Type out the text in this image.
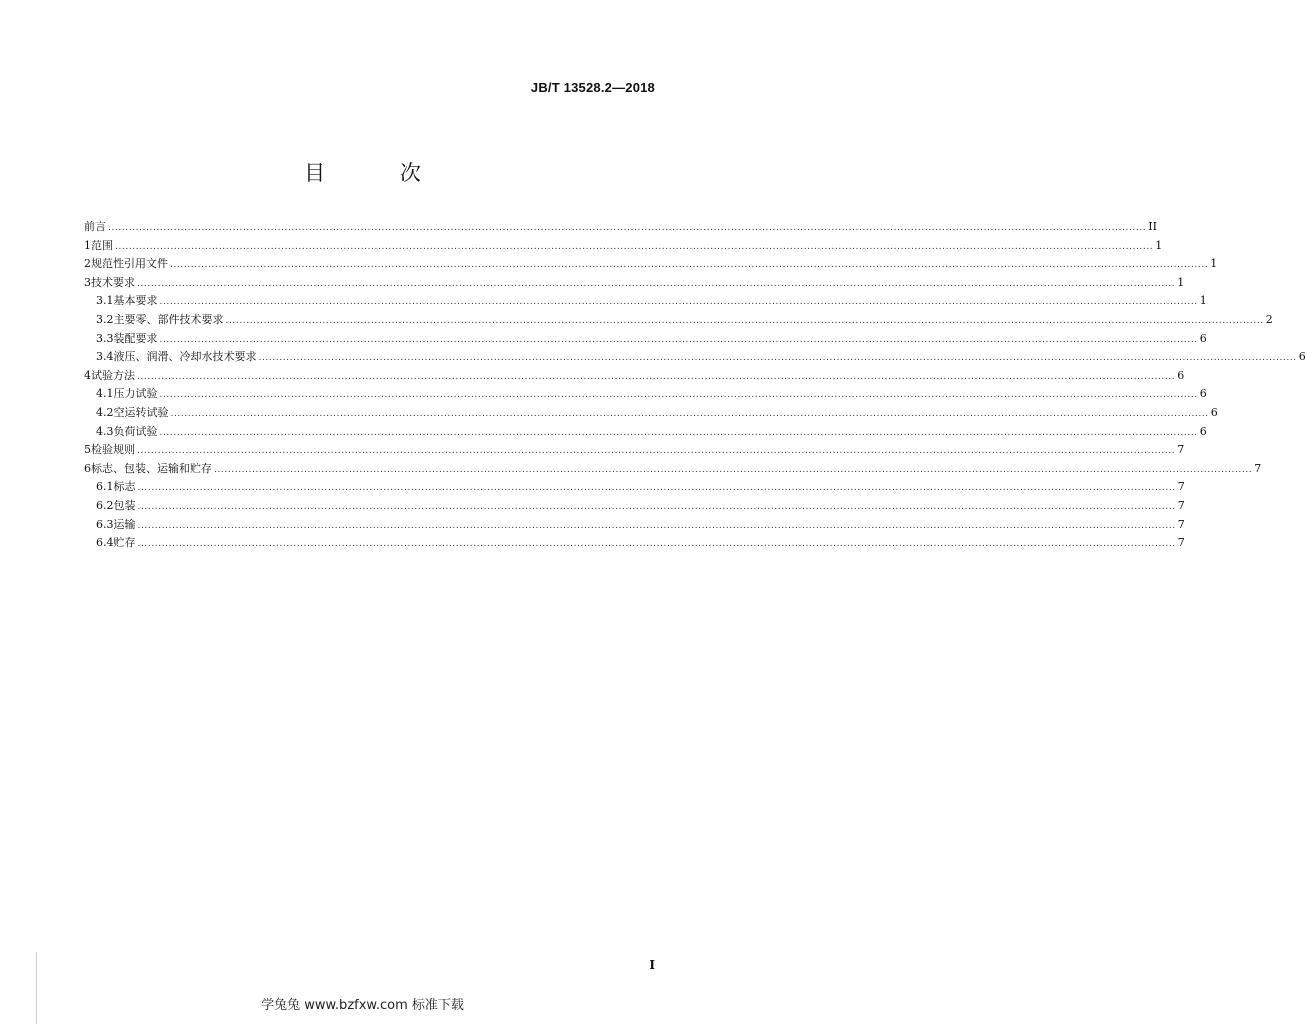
JB/T 13528.2—2018
目 次
前言 ............................................................................................................................................................................................................................................................................................................ II
1 范围 ............................................................................................................................................................................................................................................................................................................ 1
2 规范性引用文件 ............................................................................................................................................................................................................................................................................................................ 1
3 技术要求 ............................................................................................................................................................................................................................................................................................................ 1
3.1 基本要求 ............................................................................................................................................................................................................................................................................................................ 1
3.2 主要零、部件技术要求 ............................................................................................................................................................................................................................................................................................................ 2
3.3 装配要求 ............................................................................................................................................................................................................................................................................................................ 6
3.4 液压、润滑、冷却水技术要求 ............................................................................................................................................................................................................................................................................................................ 6
4 试验方法 ............................................................................................................................................................................................................................................................................................................ 6
4.1 压力试验 ............................................................................................................................................................................................................................................................................................................ 6
4.2 空运转试验 ............................................................................................................................................................................................................................................................................................................ 6
4.3 负荷试验 ............................................................................................................................................................................................................................................................................................................ 6
5 检验规则 ............................................................................................................................................................................................................................................................................................................ 7
6 标志、包装、运输和贮存 ............................................................................................................................................................................................................................................................................................................ 7
6.1 标志 ............................................................................................................................................................................................................................................................................................................ 7
6.2 包装 ............................................................................................................................................................................................................................................................................................................ 7
6.3 运输 ............................................................................................................................................................................................................................................................................................................ 7
6.4 贮存 ............................................................................................................................................................................................................................................................................................................ 7
I
学兔兔 www.bzfxw.com 标准下载
